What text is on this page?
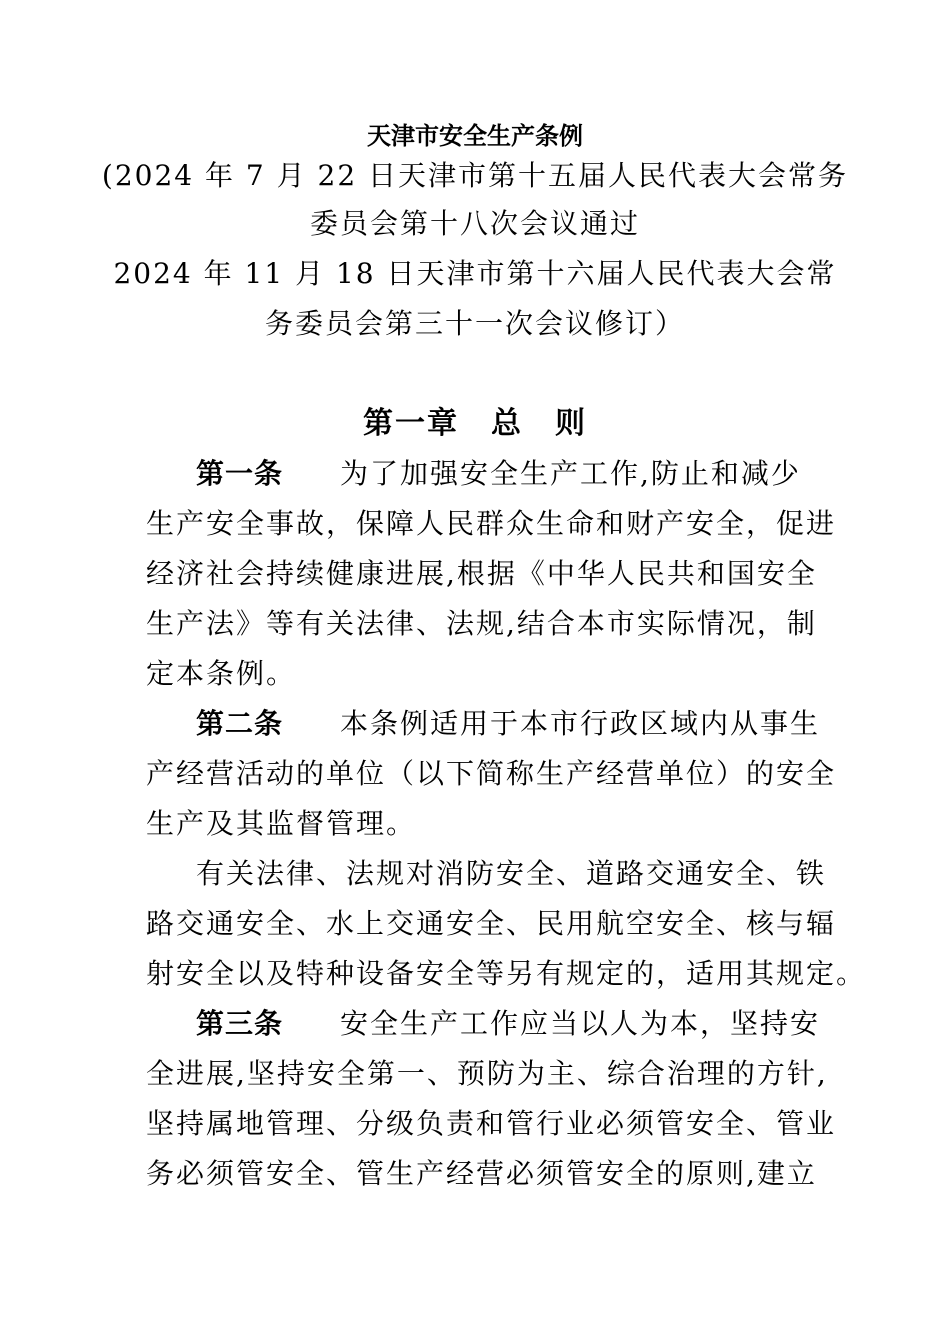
天津市安全生产条例
(2024 年 7 月 22 日天津市第十五届人民代表大会常务
委员会第十八次会议通过
2024 年 11 月 18 日天津市第十六届人民代表大会常
务委员会第三十一次会议修订）
第一章　总　则
第一条 为了加强安全生产工作,防止和减少
生产安全事故，保障人民群众生命和财产安全，促进
经济社会持续健康进展,根据《中华人民共和国安全
生产法》等有关法律、法规,结合本市实际情况，制
定本条例。
第二条 本条例适用于本市行政区域内从事生
产经营活动的单位（以下简称生产经营单位）的安全
生产及其监督管理。
有关法律、法规对消防安全、道路交通安全、铁
路交通安全、水上交通安全、民用航空安全、核与辐
射安全以及特种设备安全等另有规定的，适用其规定。
第三条 安全生产工作应当以人为本，坚持安
全进展,坚持安全第一、预防为主、综合治理的方针,
坚持属地管理、分级负责和管行业必须管安全、管业
务必须管安全、管生产经营必须管安全的原则,建立
